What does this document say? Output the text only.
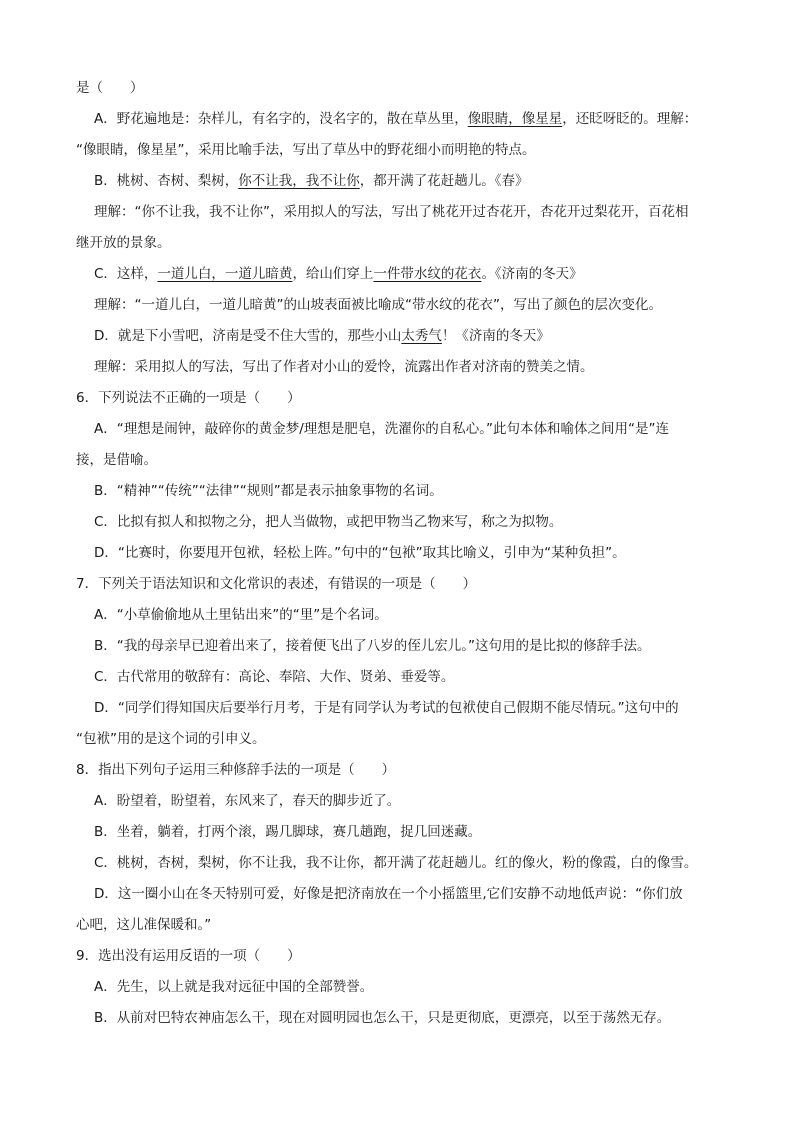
是（　　）
A．野花遍地是：杂样儿，有名字的，没名字的，散在草丛里，像眼睛，像星星，还眨呀眨的。理解：
“像眼睛，像星星”，采用比喻手法，写出了草丛中的野花细小而明艳的特点。
B．桃树、杏树、梨树，你不让我，我不让你，都开满了花赶趟儿。《春》
理解：“你不让我，我不让你”，采用拟人的写法，写出了桃花开过杏花开，杏花开过梨花开，百花相
继开放的景象。
C．这样，一道儿白，一道儿暗黄，给山们穿上一件带水纹的花衣。《济南的冬天》
理解：“一道儿白，一道儿暗黄”的山坡表面被比喻成“带水纹的花衣”，写出了颜色的层次变化。
D．就是下小雪吧，济南是受不住大雪的，那些小山太秀气！《济南的冬天》
理解：采用拟人的写法，写出了作者对小山的爱怜，流露出作者对济南的赞美之情。
6．下列说法不正确的一项是（　　）
A．“理想是闹钟，敲碎你的黄金梦/理想是肥皂，洗濯你的自私心。”此句本体和喻体之间用“是”连
接，是借喻。
B．“精神”“传统”“法律”“规则”都是表示抽象事物的名词。
C．比拟有拟人和拟物之分，把人当做物，或把甲物当乙物来写，称之为拟物。
D．“比赛时，你要甩开包袱，轻松上阵。”句中的“包袱”取其比喻义，引申为“某种负担”。
7．下列关于语法知识和文化常识的表述，有错误的一项是（　　）
A．“小草偷偷地从土里钻出来”的“里”是个名词。
B．“我的母亲早已迎着出来了，接着便飞出了八岁的侄儿宏儿。”这句用的是比拟的修辞手法。
C．古代常用的敬辞有：高论、奉陪、大作、贤弟、垂爱等。
D．“同学们得知国庆后要举行月考，于是有同学认为考试的包袱使自己假期不能尽情玩。”这句中的
“包袱”用的是这个词的引申义。
8．指出下列句子运用三种修辞手法的一项是（　　）
A．盼望着，盼望着，东风来了，春天的脚步近了。
B．坐着，躺着，打两个滚，踢几脚球，赛几趟跑，捉几回迷藏。
C．桃树，杏树，梨树，你不让我，我不让你，都开满了花赶趟儿。红的像火，粉的像霞，白的像雪。
D．这一圈小山在冬天特别可爱，好像是把济南放在一个小摇篮里,它们安静不动地低声说：“你们放
心吧，这儿准保暖和。”
9．选出没有运用反语的一项（　　）
A．先生，以上就是我对远征中国的全部赞誉。
B．从前对巴特农神庙怎么干，现在对圆明园也怎么干，只是更彻底，更漂亮，以至于荡然无存。
